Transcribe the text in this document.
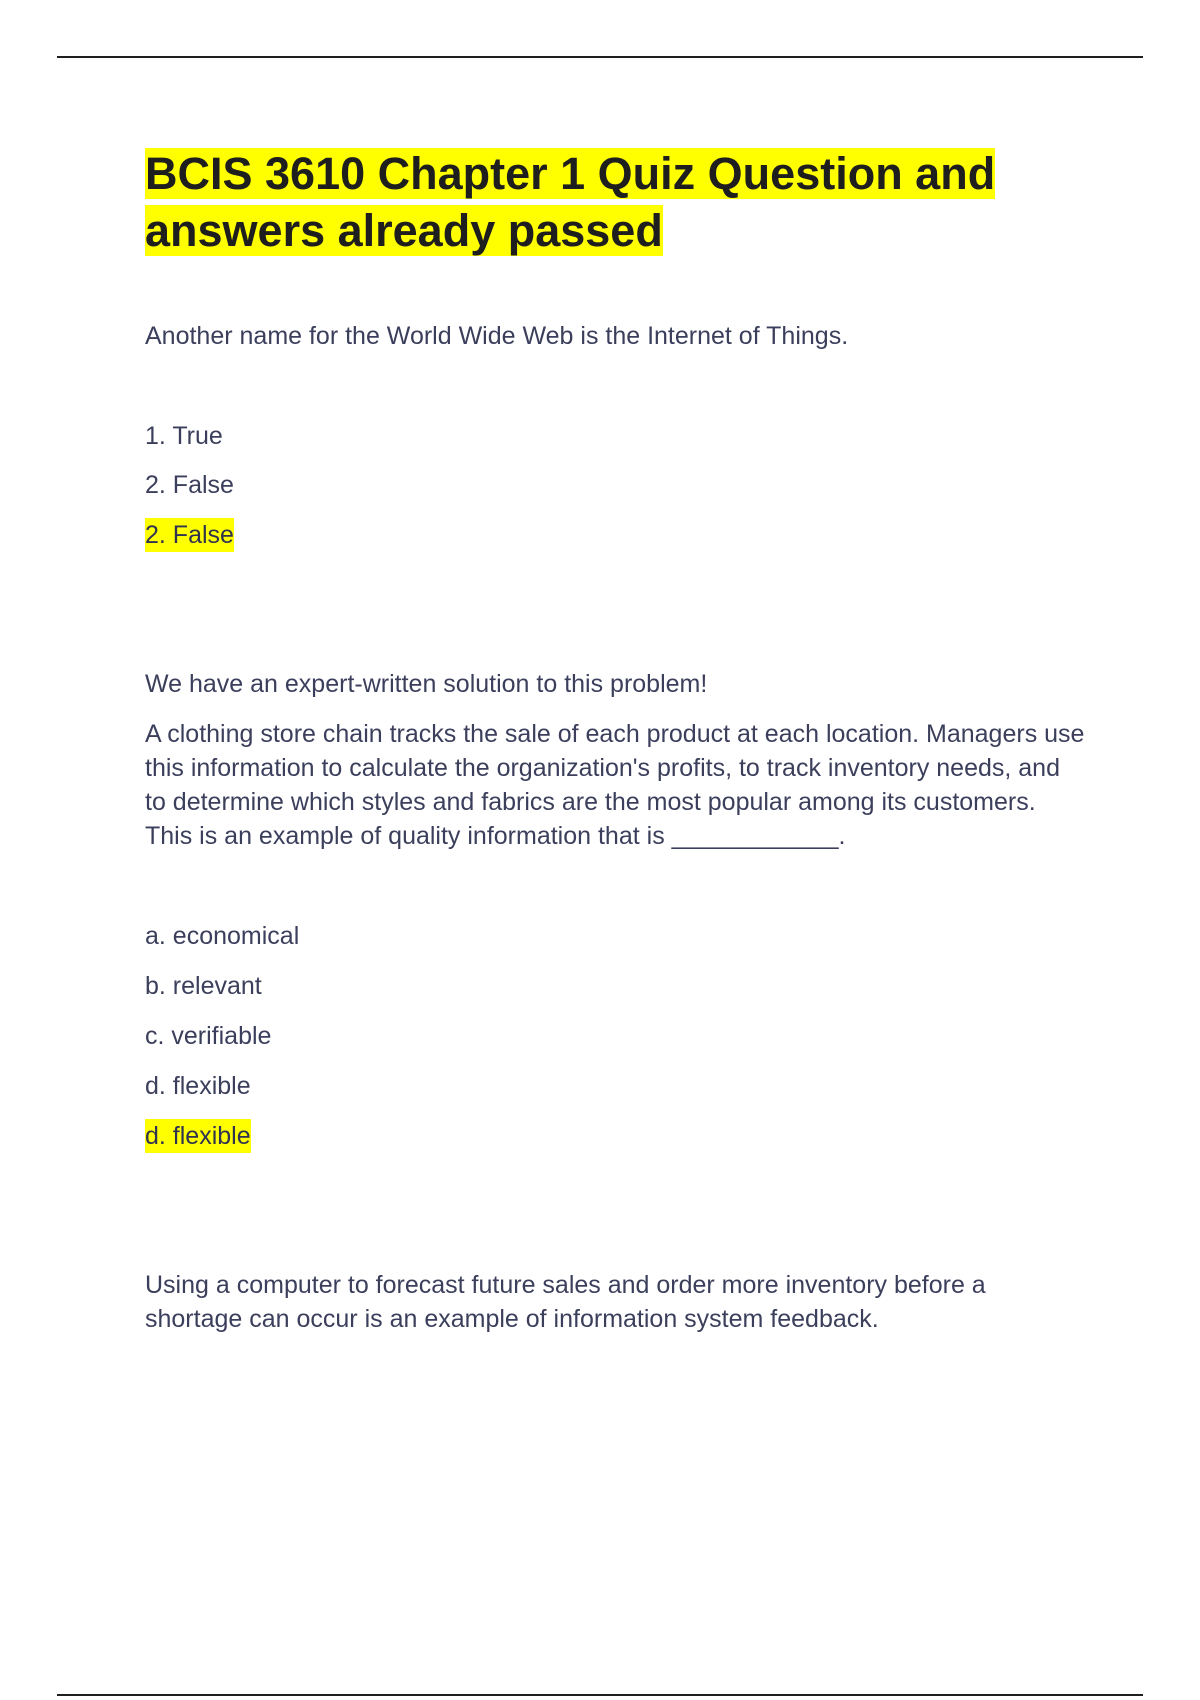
BCIS 3610 Chapter 1 Quiz Question and answers already passed

Another name for the World Wide Web is the Internet of Things.

1. True

2. False

2. False

We have an expert-written solution to this problem!

A clothing store chain tracks the sale of each product at each location. Managers use this information to calculate the organization's profits, to track inventory needs, and to determine which styles and fabrics are the most popular among its customers. This is an example of quality information that is ____________.

a. economical

b. relevant

c. verifiable

d. flexible

d. flexible

Using a computer to forecast future sales and order more inventory before a shortage can occur is an example of information system feedback.
